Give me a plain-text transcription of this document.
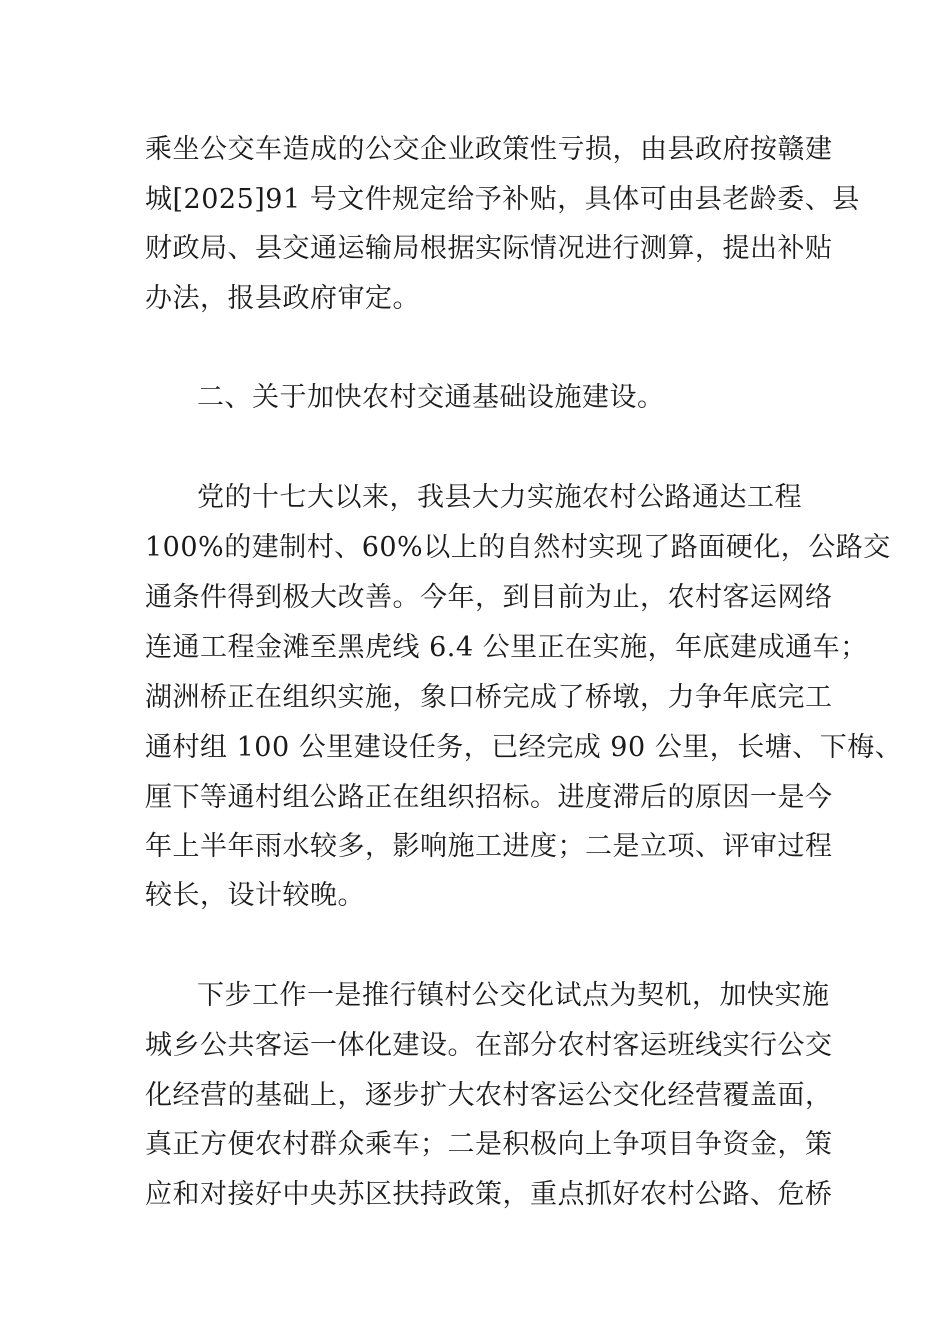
乘坐公交车造成的公交企业政策性亏损，由县政府按赣建
城[2025]91 号文件规定给予补贴，具体可由县老龄委、县
财政局、县交通运输局根据实际情况进行测算，提出补贴
办法，报县政府审定。
二、关于加快农村交通基础设施建设。
党的十七大以来，我县大力实施农村公路通达工程
100%的建制村、60%以上的自然村实现了路面硬化，公路交
通条件得到极大改善。今年，到目前为止，农村客运网络
连通工程金滩至黑虎线 6.4 公里正在实施，年底建成通车；
湖洲桥正在组织实施，象口桥完成了桥墩，力争年底完工
通村组 100 公里建设任务，已经完成 90 公里，长塘、下梅、
厘下等通村组公路正在组织招标。进度滞后的原因一是今
年上半年雨水较多，影响施工进度；二是立项、评审过程
较长，设计较晚。
下步工作一是推行镇村公交化试点为契机，加快实施
城乡公共客运一体化建设。在部分农村客运班线实行公交
化经营的基础上，逐步扩大农村客运公交化经营覆盖面，
真正方便农村群众乘车；二是积极向上争项目争资金，策
应和对接好中央苏区扶持政策，重点抓好农村公路、危桥
